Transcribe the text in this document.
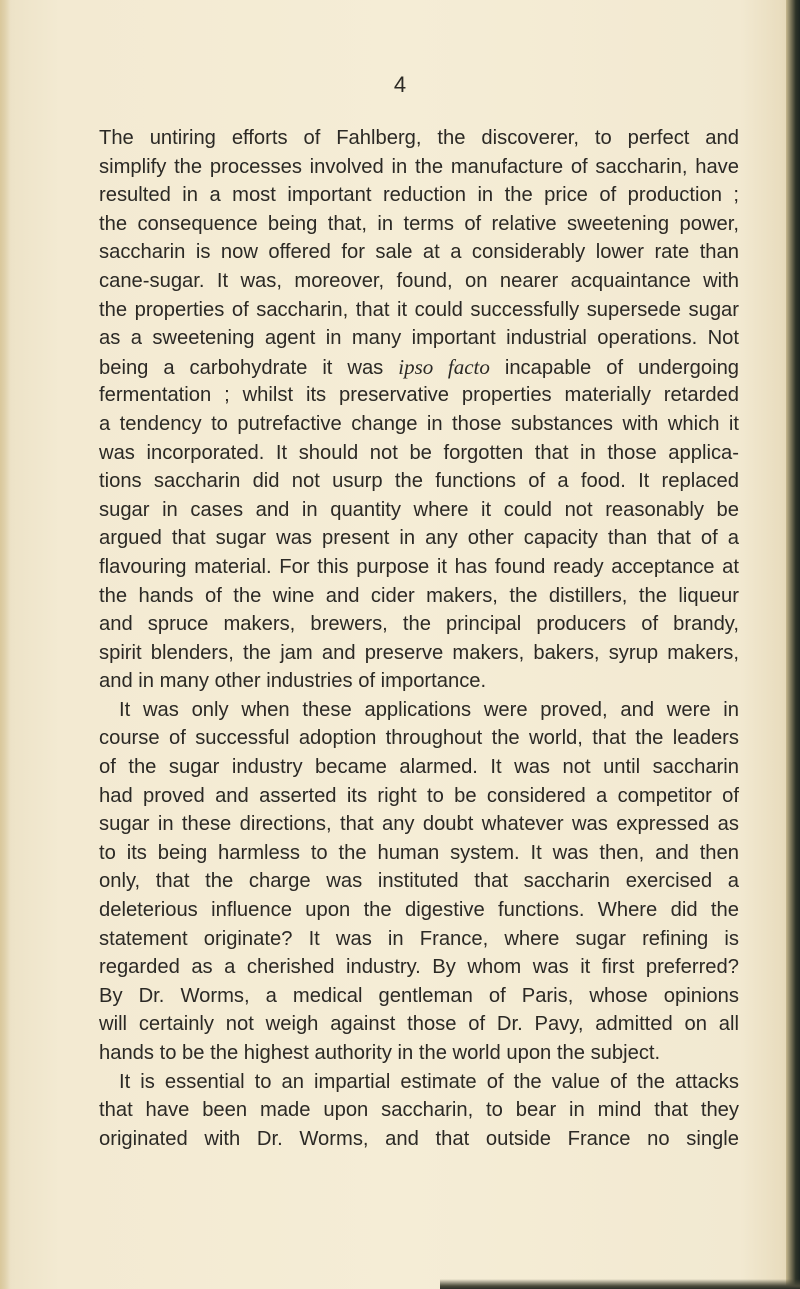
4
The untiring efforts of Fahlberg, the discoverer, to perfect and
simplify the processes involved in the manufacture of saccharin, have
resulted in a most important reduction in the price of production ;
the consequence being that, in terms of relative sweetening power,
saccharin is now offered for sale at a considerably lower rate than
cane-sugar. It was, moreover, found, on nearer acquaintance with
the properties of saccharin, that it could successfully supersede sugar
as a sweetening agent in many important industrial operations. Not
being a carbohydrate it was ipso facto incapable of undergoing
fermentation ; whilst its preservative properties materially retarded
a tendency to putrefactive change in those substances with which it
was incorporated. It should not be forgotten that in those applica-
tions saccharin did not usurp the functions of a food. It replaced
sugar in cases and in quantity where it could not reasonably be
argued that sugar was present in any other capacity than that of a
flavouring material. For this purpose it has found ready acceptance at
the hands of the wine and cider makers, the distillers, the liqueur
and spruce makers, brewers, the principal producers of brandy,
spirit blenders, the jam and preserve makers, bakers, syrup makers,
and in many other industries of importance.
It was only when these applications were proved, and were in
course of successful adoption throughout the world, that the leaders
of the sugar industry became alarmed. It was not until saccharin
had proved and asserted its right to be considered a competitor of
sugar in these directions, that any doubt whatever was expressed as
to its being harmless to the human system. It was then, and then
only, that the charge was instituted that saccharin exercised a
deleterious influence upon the digestive functions. Where did the
statement originate? It was in France, where sugar refining is
regarded as a cherished industry. By whom was it first preferred?
By Dr. Worms, a medical gentleman of Paris, whose opinions
will certainly not weigh against those of Dr. Pavy, admitted on all
hands to be the highest authority in the world upon the subject.
It is essential to an impartial estimate of the value of the attacks
that have been made upon saccharin, to bear in mind that they
originated with Dr. Worms, and that outside France no single
